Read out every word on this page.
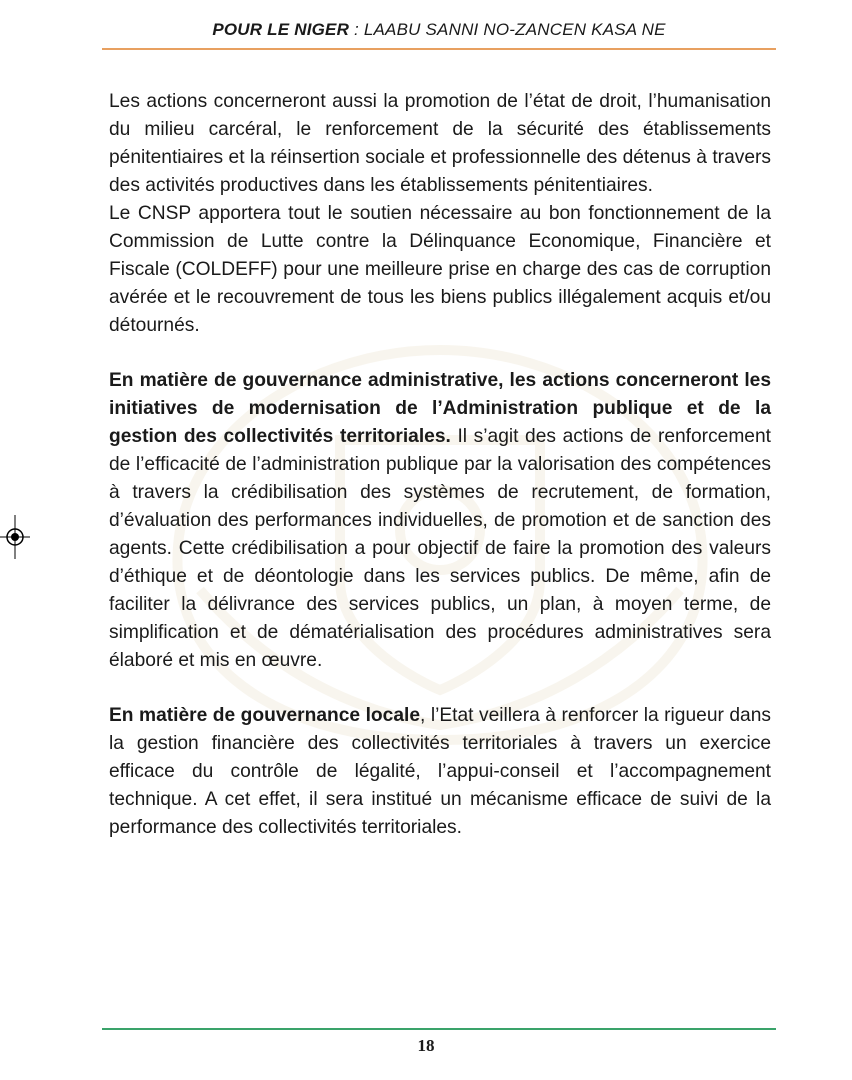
POUR LE NIGER : LAABU SANNI NO-ZANCEN KASA NE

Les actions concerneront aussi la promotion de l’état de droit, l’humanisation du milieu carcéral, le renforcement de la sécurité des établissements pénitentiaires et la réinsertion sociale et professionnelle des détenus à travers des activités productives dans les établissements pénitentiaires.

Le CNSP apportera tout le soutien nécessaire au bon fonctionnement de la Commission de Lutte contre la Délinquance Economique, Financière et Fiscale (COLDEFF) pour une meilleure prise en charge des cas de corruption avérée et le recouvrement de tous les biens publics illégalement acquis et/ou détournés.

En matière de gouvernance administrative, les actions concerneront les initiatives de modernisation de l’Administration publique et de la gestion des collectivités territoriales. Il s’agit des actions de renforcement de l’efficacité de l’administration publique par la valorisation des compétences à travers la crédibilisation des systèmes de recrutement, de formation, d’évaluation des performances individuelles, de promotion et de sanction des agents. Cette crédibilisation a pour objectif de faire la promotion des valeurs d’éthique et de déontologie dans les services publics. De même, afin de faciliter la délivrance des services publics, un plan, à moyen terme, de simplification et de dématérialisation des procédures administratives sera élaboré et mis en œuvre.

En matière de gouvernance locale, l’Etat veillera à renforcer la rigueur dans la gestion financière des collectivités territoriales à travers un exercice efficace du contrôle de légalité, l’appui-conseil et l’accompagnement technique. A cet effet, il sera institué un mécanisme efficace de suivi de la performance des collectivités territoriales.

18
